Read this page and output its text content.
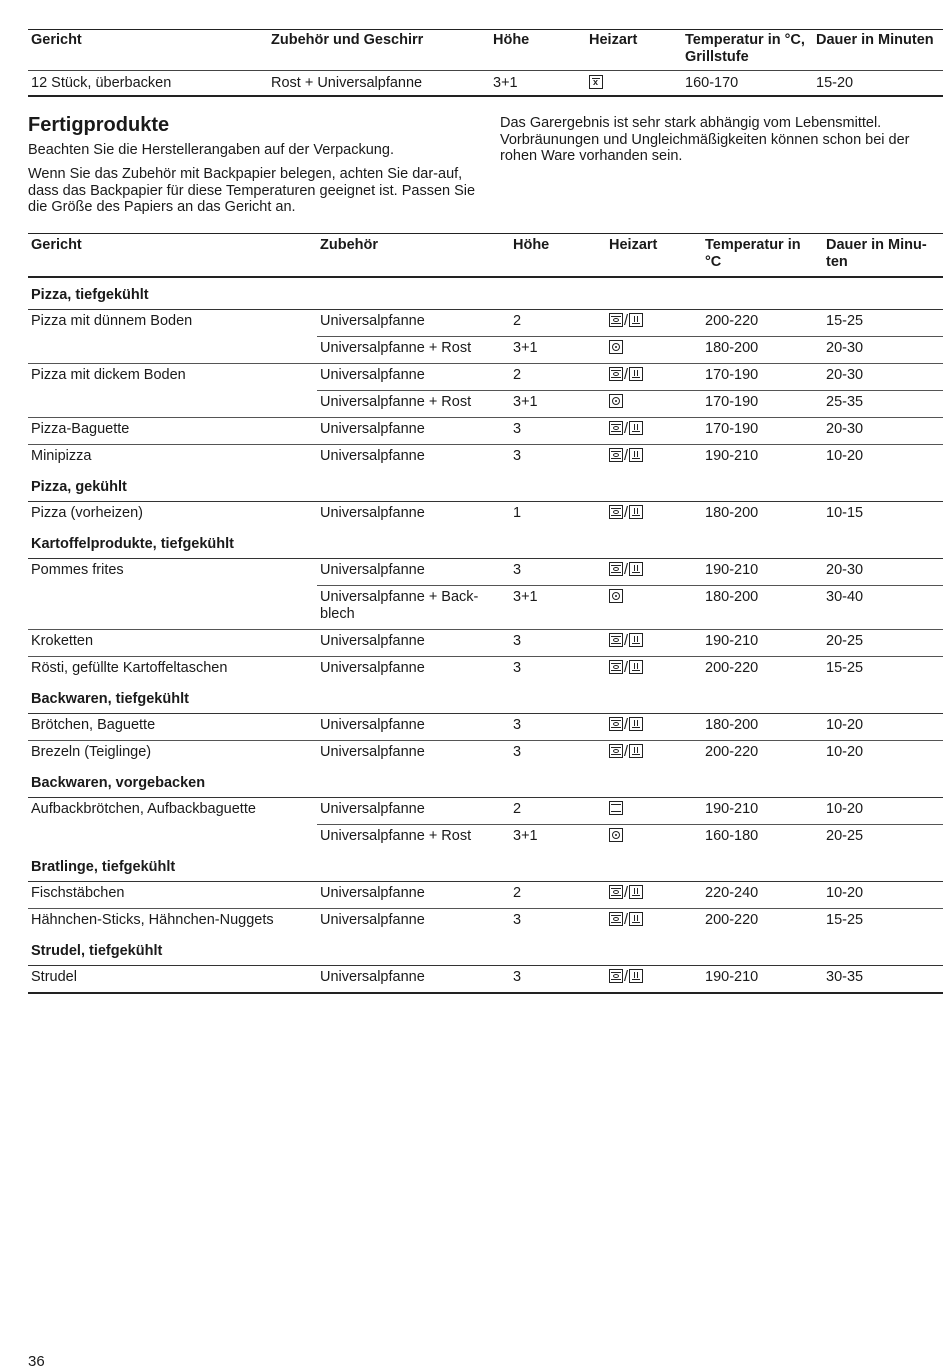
Gericht	Zubehör und Geschirr	Höhe	Heizart	Temperatur in °C, Grillstufe	Dauer in Minuten
12 Stück, überbacken	Rost + Universalpfanne	3+1	x	160-170	15-20
Fertigprodukte

Beachten Sie die Herstellerangaben auf der Verpackung.

Wenn Sie das Zubehör mit Backpapier belegen, achten Sie dar-auf, dass das Backpapier für diese Temperaturen geeignet ist. Passen Sie die Größe des Papiers an das Gericht an.

Das Garergebnis ist sehr stark abhängig vom Lebensmittel. Vorbräunungen und Ungleichmäßigkeiten können schon bei der rohen Ware vorhanden sein.

Gericht	Zubehör	Höhe	Heizart	Temperatur in °C	Dauer in Minu-ten
Pizza, tiefgekühlt					
Pizza mit dünnem Boden	Universalpfanne	2	/	200-220	15-25
	Universalpfanne + Rost	3+1		180-200	20-30
Pizza mit dickem Boden	Universalpfanne	2	/	170-190	20-30
	Universalpfanne + Rost	3+1		170-190	25-35
Pizza-Baguette	Universalpfanne	3	/	170-190	20-30
Minipizza	Universalpfanne	3	/	190-210	10-20
Pizza, gekühlt					
Pizza (vorheizen)	Universalpfanne	1	/	180-200	10-15
Kartoffelprodukte, tiefgekühlt					
Pommes frites	Universalpfanne	3	/	190-210	20-30
	Universalpfanne + Back-blech	3+1		180-200	30-40
Kroketten	Universalpfanne	3	/	190-210	20-25
Rösti, gefüllte Kartoffeltaschen	Universalpfanne	3	/	200-220	15-25
Backwaren, tiefgekühlt					
Brötchen, Baguette	Universalpfanne	3	/	180-200	10-20
Brezeln (Teiglinge)	Universalpfanne	3	/	200-220	10-20
Backwaren, vorgebacken					
Aufbackbrötchen, Aufbackbaguette	Universalpfanne	2		190-210	10-20
	Universalpfanne + Rost	3+1		160-180	20-25
Bratlinge, tiefgekühlt					
Fischstäbchen	Universalpfanne	2	/	220-240	10-20
Hähnchen-Sticks, Hähnchen-Nuggets	Universalpfanne	3	/	200-220	15-25
Strudel, tiefgekühlt					
Strudel	Universalpfanne	3	/	190-210	30-35

36
